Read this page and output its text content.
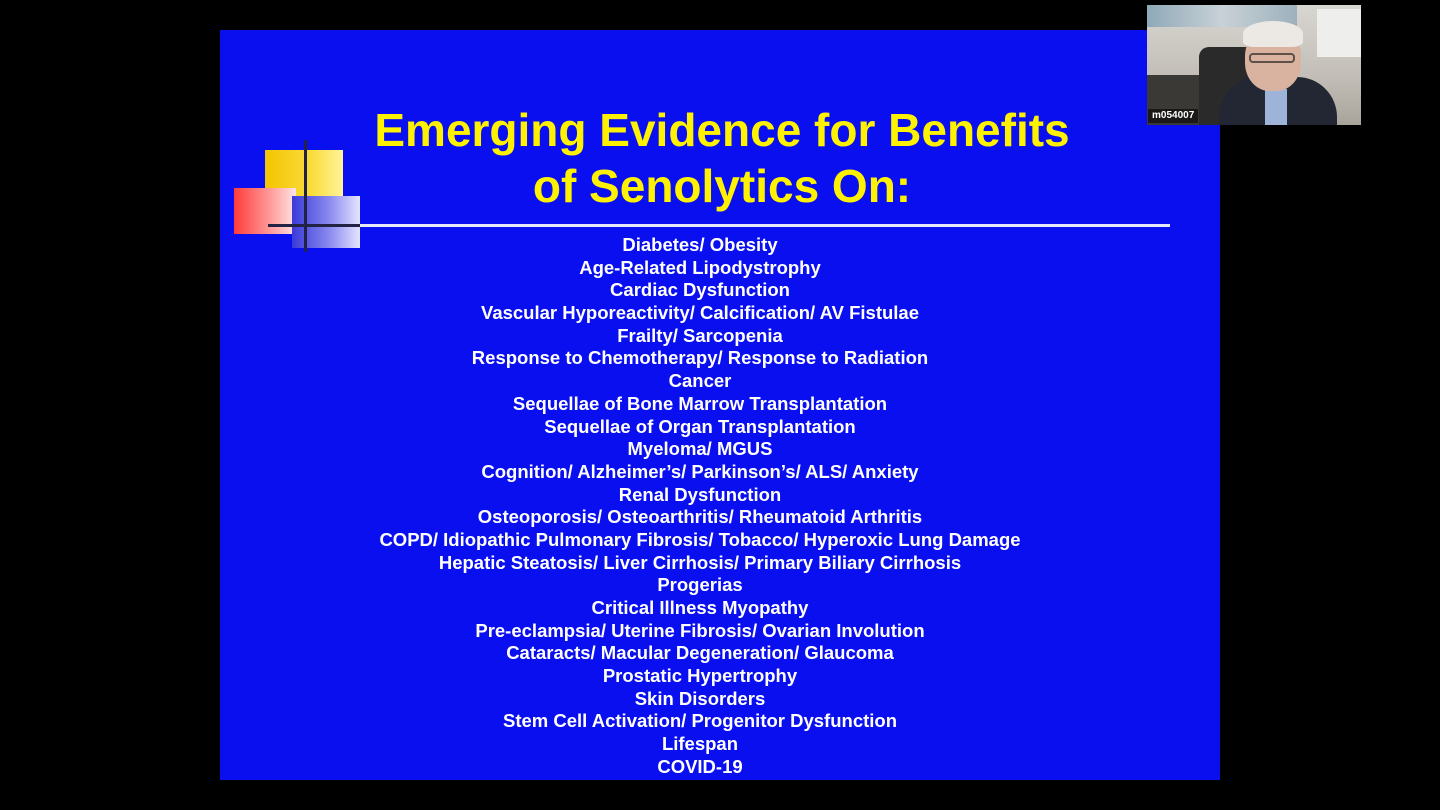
Emerging Evidence for Benefits
of Senolytics On:
Diabetes/ Obesity
Age-Related Lipodystrophy
Cardiac Dysfunction
Vascular Hyporeactivity/ Calcification/ AV Fistulae
Frailty/ Sarcopenia
Response to Chemotherapy/ Response to Radiation
Cancer
Sequellae of Bone Marrow Transplantation
Sequellae of Organ Transplantation
Myeloma/ MGUS
Cognition/ Alzheimer’s/ Parkinson’s/ ALS/ Anxiety
Renal Dysfunction
Osteoporosis/ Osteoarthritis/ Rheumatoid Arthritis
COPD/ Idiopathic Pulmonary Fibrosis/ Tobacco/ Hyperoxic Lung Damage
Hepatic Steatosis/ Liver Cirrhosis/ Primary Biliary Cirrhosis
Progerias
Critical Illness Myopathy
Pre-eclampsia/ Uterine Fibrosis/ Ovarian Involution
Cataracts/ Macular Degeneration/ Glaucoma
Prostatic Hypertrophy
Skin Disorders
Stem Cell Activation/ Progenitor Dysfunction
Lifespan
COVID-19
m054007
